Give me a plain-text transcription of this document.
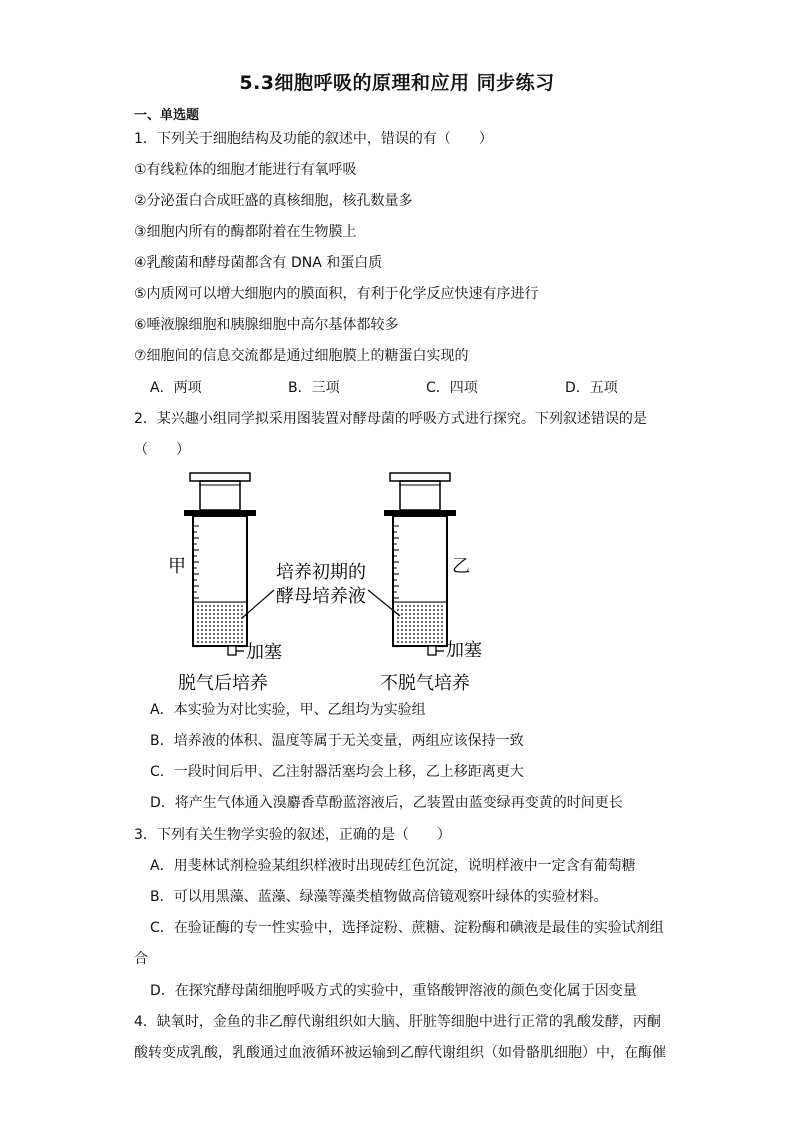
5.3细胞呼吸的原理和应用 同步练习
一、单选题
1．下列关于细胞结构及功能的叙述中，错误的有（　　）
①有线粒体的细胞才能进行有氧呼吸
②分泌蛋白合成旺盛的真核细胞，核孔数量多
③细胞内所有的酶都附着在生物膜上
④乳酸菌和酵母菌都含有 DNA 和蛋白质
⑤内质网可以增大细胞内的膜面积，有利于化学反应快速有序进行
⑥唾液腺细胞和胰腺细胞中高尔基体都较多
⑦细胞间的信息交流都是通过细胞膜上的糖蛋白实现的
A．两项	B．三项	C．四项	D．五项
2．某兴趣小组同学拟采用图装置对酵母菌的呼吸方式进行探究。下列叙述错误的是
（　　）
甲	乙
培养初期的
酵母培养液
加塞	加塞
脱气后培养	不脱气培养
A．本实验为对比实验，甲、乙组均为实验组
B．培养液的体积、温度等属于无关变量，两组应该保持一致
C．一段时间后甲、乙注射器活塞均会上移，乙上移距离更大
D．将产生气体通入溴麝香草酚蓝溶液后，乙装置由蓝变绿再变黄的时间更长
3．下列有关生物学实验的叙述，正确的是（　　）
A．用斐林试剂检验某组织样液时出现砖红色沉淀，说明样液中一定含有葡萄糖
B．可以用黑藻、蓝藻、绿藻等藻类植物做高倍镜观察叶绿体的实验材料。
C．在验证酶的专一性实验中，选择淀粉、蔗糖、淀粉酶和碘液是最佳的实验试剂组
合
D．在探究酵母菌细胞呼吸方式的实验中，重铬酸钾溶液的颜色变化属于因变量
4．缺氧时，金鱼的非乙醇代谢组织如大脑、肝脏等细胞中进行正常的乳酸发酵，丙酮
酸转变成乳酸，乳酸通过血液循环被运输到乙醇代谢组织（如骨骼肌细胞）中，在酶催
